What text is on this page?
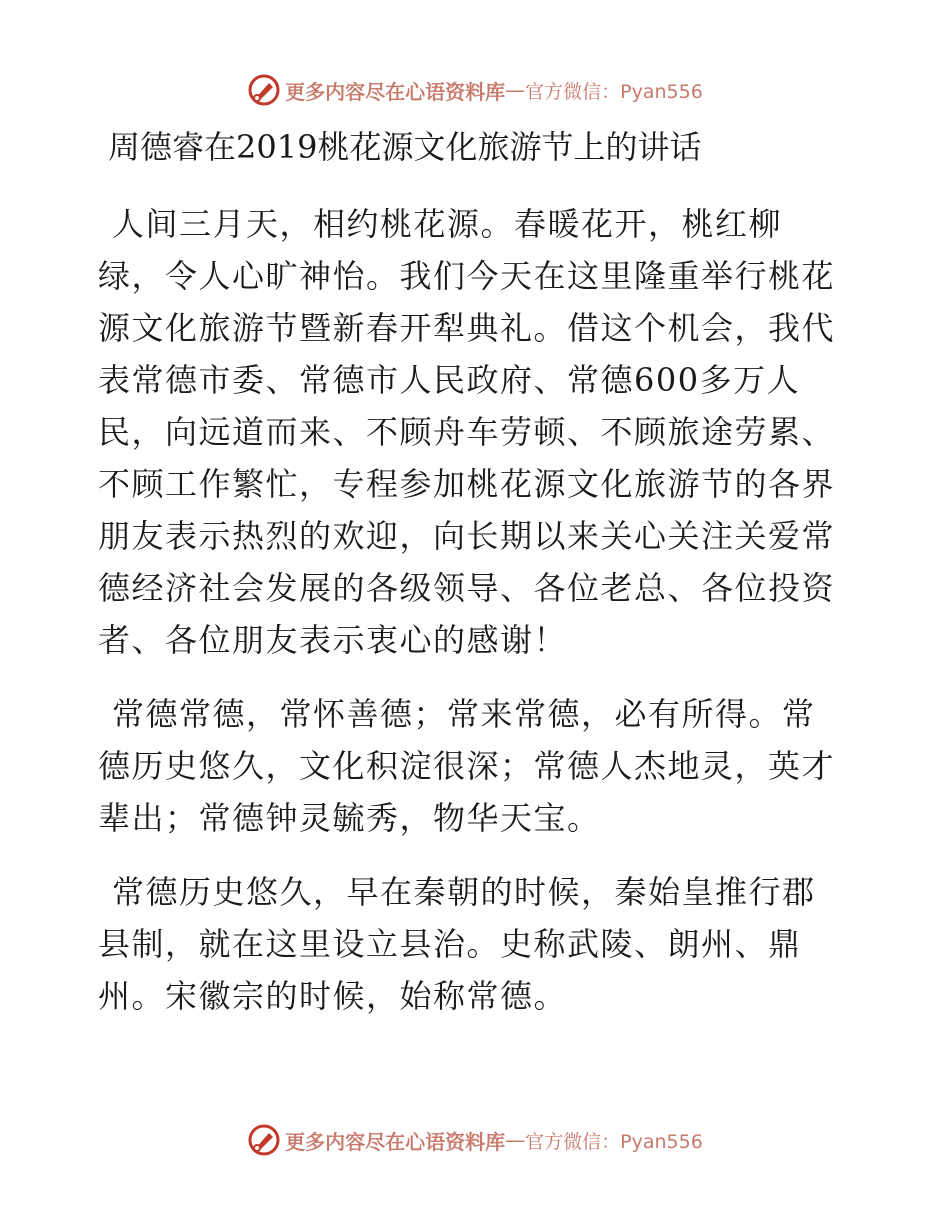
更多内容尽在心语资料库 — 官方微信：Pyan556
周德睿在2019桃花源文化旅游节上的讲话

人间三月天，相约桃花源。春暖花开，桃红柳
绿，令人心旷神怡。我们今天在这里隆重举行桃花
源文化旅游节暨新春开犁典礼。借这个机会，我代
表常德市委、常德市人民政府、常德600多万人
民，向远道而来、不顾舟车劳顿、不顾旅途劳累、
不顾工作繁忙，专程参加桃花源文化旅游节的各界
朋友表示热烈的欢迎，向长期以来关心关注关爱常
德经济社会发展的各级领导、各位老总、各位投资
者、各位朋友表示衷心的感谢！

常德常德，常怀善德；常来常德，必有所得。常
德历史悠久，文化积淀很深；常德人杰地灵，英才
辈出；常德钟灵毓秀，物华天宝。

常德历史悠久，早在秦朝的时候，秦始皇推行郡
县制，就在这里设立县治。史称武陵、朗州、鼎
州。宋徽宗的时候，始称常德。

更多内容尽在心语资料库 — 官方微信：Pyan556
